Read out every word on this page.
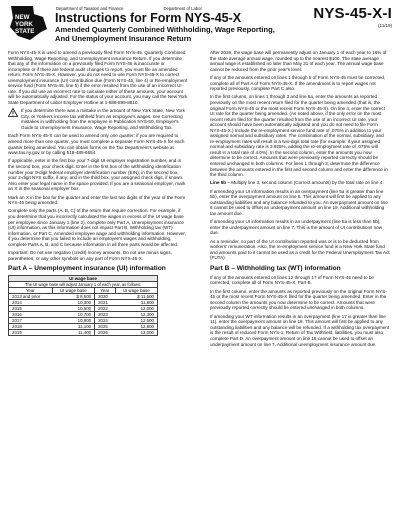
NEW
YORK
STATE
Department of Taxation and Finance	Department of Labor
Instructions for Form NYS-45-X
Amended Quarterly Combined Withholding, Wage Reporting,
And Unemployment Insurance Return
NYS-45-X-I
(11/19)

Form NYS-45-X is used to amend a previously filed Form NYS-45, Quarterly Combined Withholding, Wage Reporting, and Unemployment Insurance Return. If you determine that any of the information on a previously filed Form NYS-45 is inaccurate or incomplete or if there are federal audit changes to report, you must file an amended return, Form NYS-45-X. However, you do not need to use Form NYS-45-X to correct unemployment insurance (UI) contribution due (Form NYS-45, line 4) or Re-employment service fund (Form NYS-45, line 5) if the error resulted from the use of an incorrect UI rate. If you did use an incorrect rate to calculate either of these amounts, your account will be automatically adjusted. For the status of your account, you may call the New York State Department of Labor Employer Hotline at 1-888-899-8810.

If you determine there was a mistake in the amount of New York State, New York City, or Yonkers income tax withheld from an employee's wages, see Correcting mistakes in withholding from the employee in Publication NYS-50, Employer's Guide to Unemployment Insurance, Wage Reporting, and Withholding Tax.

Each Form NYS-45-X can be used to amend only one quarter; if you are required to amend more than one quarter, you must complete a separate Form NYS-45-X for each quarter being amended. You can obtain forms on the Tax Department's website at www.tax.ny.gov or by calling 518-485-6654.

If applicable, enter in the first box your 7-digit UI employer registration number, and in the second box, your check digit. Enter in the first box of the withholding identification number your 9-digit federal employer identification number (EIN); in the second box, your 2-digit NYS suffix, if any; and in the third box, your assigned check digit, if known. Also enter your legal name in the space provided. If you are a seasonal employer, mark an X in the seasonal employer box.

Mark an X in the box for the quarter and enter the last two digits of the year of the Form NYS-45 being amended.

Complete only the parts (A, B, C) of the return that require correction. For example, if you determine that you incorrectly calculated the wages in excess of the UI wage base per employee since January 1 (line 2), complete only Part A, Unemployment insurance (UI) information, as this information does not impact Part B, Withholding tax (WT) information, or Part C, Amended employee wage and withholding information. However, if you determine that you failed to include an employee's wages and withholding, complete Parts A, B, and C because information in all three parts would be affected.

Important: Do not use negative (credit) money amounts. Do not use minus signs, parentheses, or any other symbols on any part of Form NYS-45-X.

Part A – Unemployment insurance (UI) information
UI wage base			
The UI wage base will adjust January 1 of each year, as follows:			
Year	UI wage base	Year	UI wage base
2013 and prior	$ 8,500	2020	$ 11,600
2014	10,300	2021	11,800
2015	10,500	2022	12,000
2016	10,700	2023	12,300
2017	10,900	2024	12,500
2018	11,100	2025	12,800
2019	11,400	2026	13,000

After 2026, the wage base will permanently adjust on January 1 of each year to 16% of the state average annual wage, rounded up to the nearest $100. The state average annual wage is established no later than May 31 of each year. The annual wage base cannot be reduced from the prior year's level.

If any of the amounts entered on lines 1 through 5 of Form NYS-45 must be corrected, complete all of Part A of Form NYS-45-X. If the amendment is to report wages not reported previously, complete Part C also.

In the first column, on lines 1 through 3 and line 5a, enter the amounts as reported previously on the most recent return filed for the quarter being amended (that is, the original Form NYS-45 or the most recent Form NYS-45-X). On line 4, enter the correct UI rate for the quarter being amended. (As noted above, if the only error on the most recent return filed for the quarter resulted from the use of an incorrect UI rate, your account should have been automatically adjusted and you do not need to file Form NYS-45-X.) Include the re-employment service fund rate of .075% in addition to your assigned normal and subsidiary rates. The combination of the normal, subsidiary, and re-employment rates will result in a two-digit total rate (for example: if your assigned normal and subsidiary rate is 3.925%, adding the re-employment rate of .075% will result in a total rate of 4.0%). In the second column, enter the amounts you now determine to be correct. Amounts that were previously reported correctly should be entered unchanged in both columns. For lines 1 through 3, determine the difference between the amounts entered in the first and second column and enter the difference in the third column.

Line 5b – Multiply line 3, second column (Correct amounts) by the total rate on line 4.

If amending your UI information results in an overpayment (line 5a is greater than line 5b), enter the overpayment amount on line 6. This amount will first be applied to any outstanding liabilities and any balance refunded to you. An overpayment amount on line 6 cannot be used to offset an underpayment amount on line 19, Additional withholding tax amount due.

If amending your UI information results in an underpayment (line 5a is less than 5b), enter the underpayment amount on line 7. This is the amount of UI contributions now due.

As a reminder, no part of the UI contribution reported was or is to be deducted from workers' remuneration. Also, the re-employment service fund is a New York State fund and amounts paid to it cannot be used as a credit for the Federal Unemployment Tax Act (FUTA).

Part B – Withholding tax (WT) information

If any of the amounts entered on lines 12 through 17 of Form NYS-45 need to be corrected, complete all of Form NYS-45-X, Part B.

In the first column, enter the amounts as reported previously on the original Form NYS-45 or the most recent Form NYS-45-X filed for the quarter being amended. Enter in the second column the amounts you now determine to be correct. Amounts that were previously reported correctly should be entered unchanged in both columns.

If amending your WT information results in an overpayment (line 17 is greater than line 11), enter the overpayment amount on line 18. This amount will first be applied to any outstanding liabilities and any balance will be refunded. If a withholding tax overpayment is the result of reduced Form NYS-1, Return of Tax Withheld, liabilities, you must also complete Part D. An overpayment amount on line 18 cannot be used to offset an underpayment amount on line 7, Additional unemployment insurance amount due.
